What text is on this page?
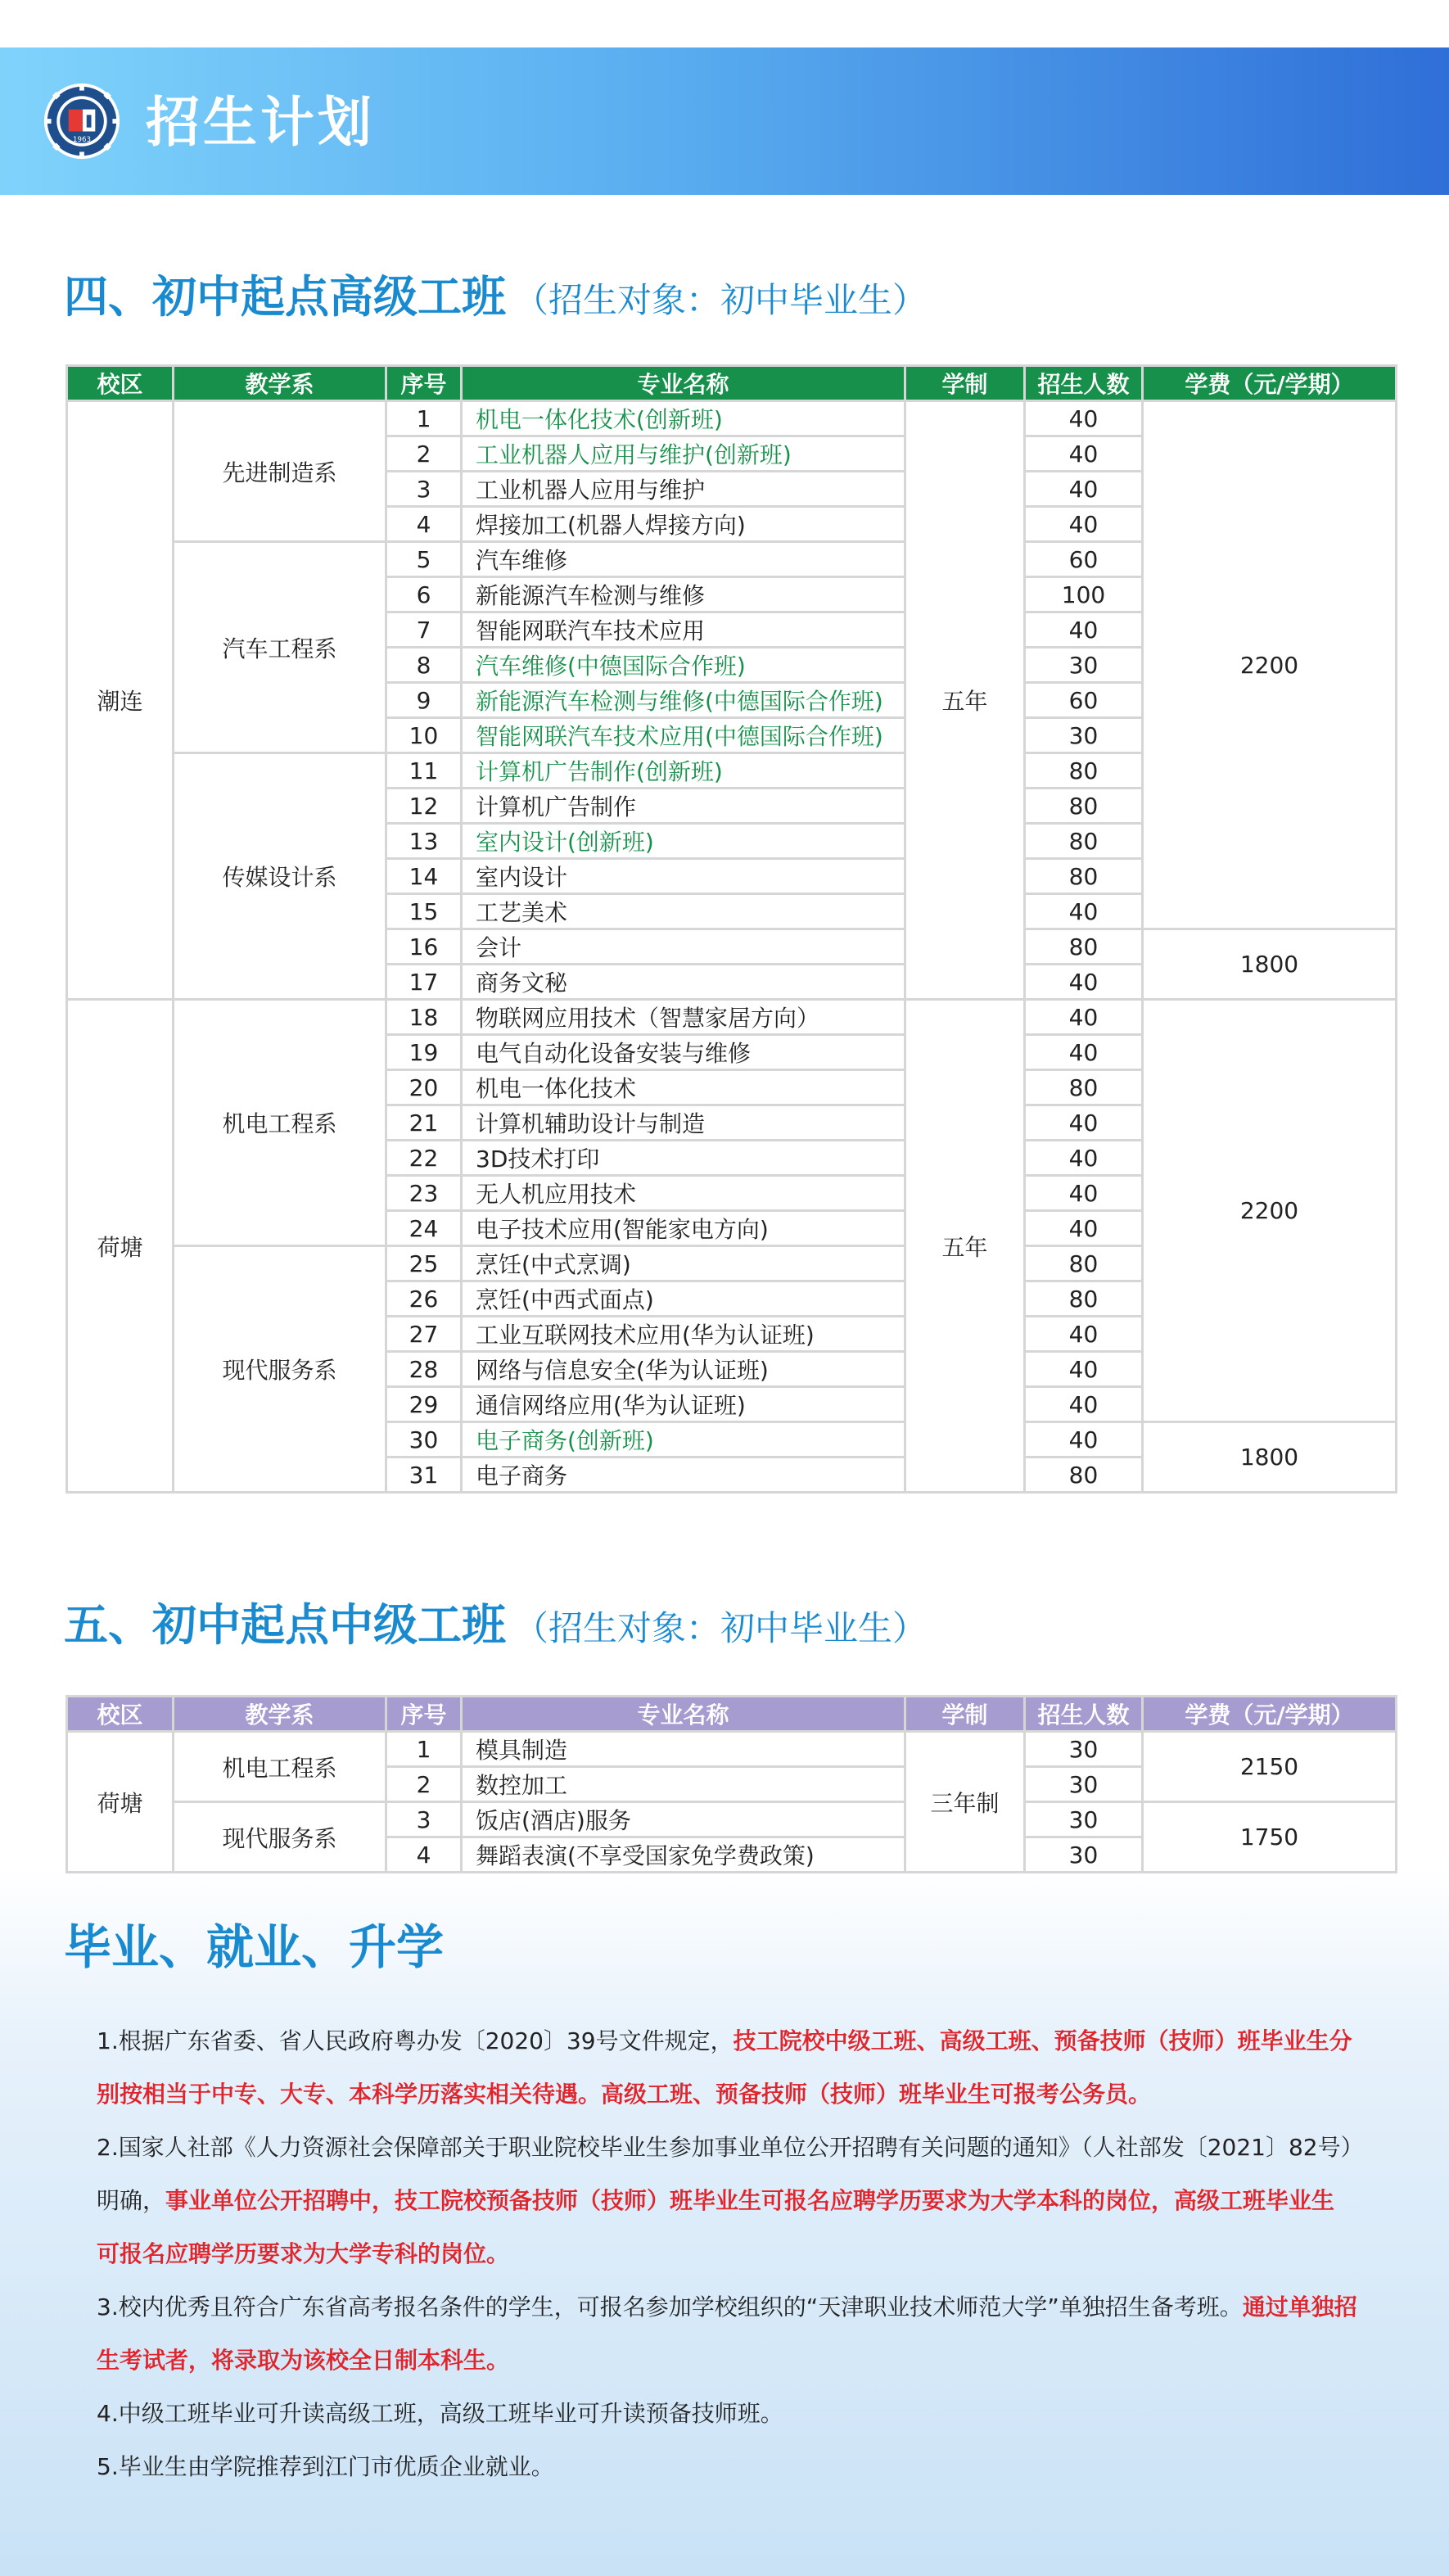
1963 招生计划
四、初中起点高级工班 （招生对象：初中毕业生）
校区	教学系	序号	专业名称	学制	招生人数	学费（元/学期）
潮连	先进制造系	1	机电一体化技术(创新班)	五年	40	2200
		2	工业机器人应用与维护(创新班)		40	
		3	工业机器人应用与维护		40	
		4	焊接加工(机器人焊接方向)		40	
	汽车工程系	5	汽车维修		60	
		6	新能源汽车检测与维修		100	
		7	智能网联汽车技术应用		40	
		8	汽车维修(中德国际合作班)		30	
		9	新能源汽车检测与维修(中德国际合作班)		60	
		10	智能网联汽车技术应用(中德国际合作班)		30	
	传媒设计系	11	计算机广告制作(创新班)		80	
		12	计算机广告制作		80	
		13	室内设计(创新班)		80	
		14	室内设计		80	
		15	工艺美术		40	
		16	会计		80	1800
		17	商务文秘		40	
荷塘	机电工程系	18	物联网应用技术（智慧家居方向）	五年	40	2200
		19	电气自动化设备安装与维修		40	
		20	机电一体化技术		80	
		21	计算机辅助设计与制造		40	
		22	3D技术打印		40	
		23	无人机应用技术		40	
		24	电子技术应用(智能家电方向)		40	
	现代服务系	25	烹饪(中式烹调)		80	
		26	烹饪(中西式面点)		80	
		27	工业互联网技术应用(华为认证班)		40	
		28	网络与信息安全(华为认证班)		40	
		29	通信网络应用(华为认证班)		40	
		30	电子商务(创新班)		40	1800
		31	电子商务		80	
五、初中起点中级工班 （招生对象：初中毕业生）
校区	教学系	序号	专业名称	学制	招生人数	学费（元/学期）
荷塘	机电工程系	1	模具制造	三年制	30	2150
		2	数控加工		30	
	现代服务系	3	饭店(酒店)服务		30	1750
		4	舞蹈表演(不享受国家免学费政策)		30	
毕业、就业、升学
1.根据广东省委、省人民政府粤办发〔2020〕39号文件规定，技工院校中级工班、高级工班、预备技师（技师）班毕业生分别按相当于中专、大专、本科学历落实相关待遇。高级工班、预备技师（技师）班毕业生可报考公务员。
2.国家人社部《人力资源社会保障部关于职业院校毕业生参加事业单位公开招聘有关问题的通知》（人社部发〔2021〕82号）明确，事业单位公开招聘中，技工院校预备技师（技师）班毕业生可报名应聘学历要求为大学本科的岗位，高级工班毕业生可报名应聘学历要求为大学专科的岗位。
3.校内优秀且符合广东省高考报名条件的学生，可报名参加学校组织的“天津职业技术师范大学”单独招生备考班。通过单独招生考试者，将录取为该校全日制本科生。
4.中级工班毕业可升读高级工班，高级工班毕业可升读预备技师班。
5.毕业生由学院推荐到江门市优质企业就业。
